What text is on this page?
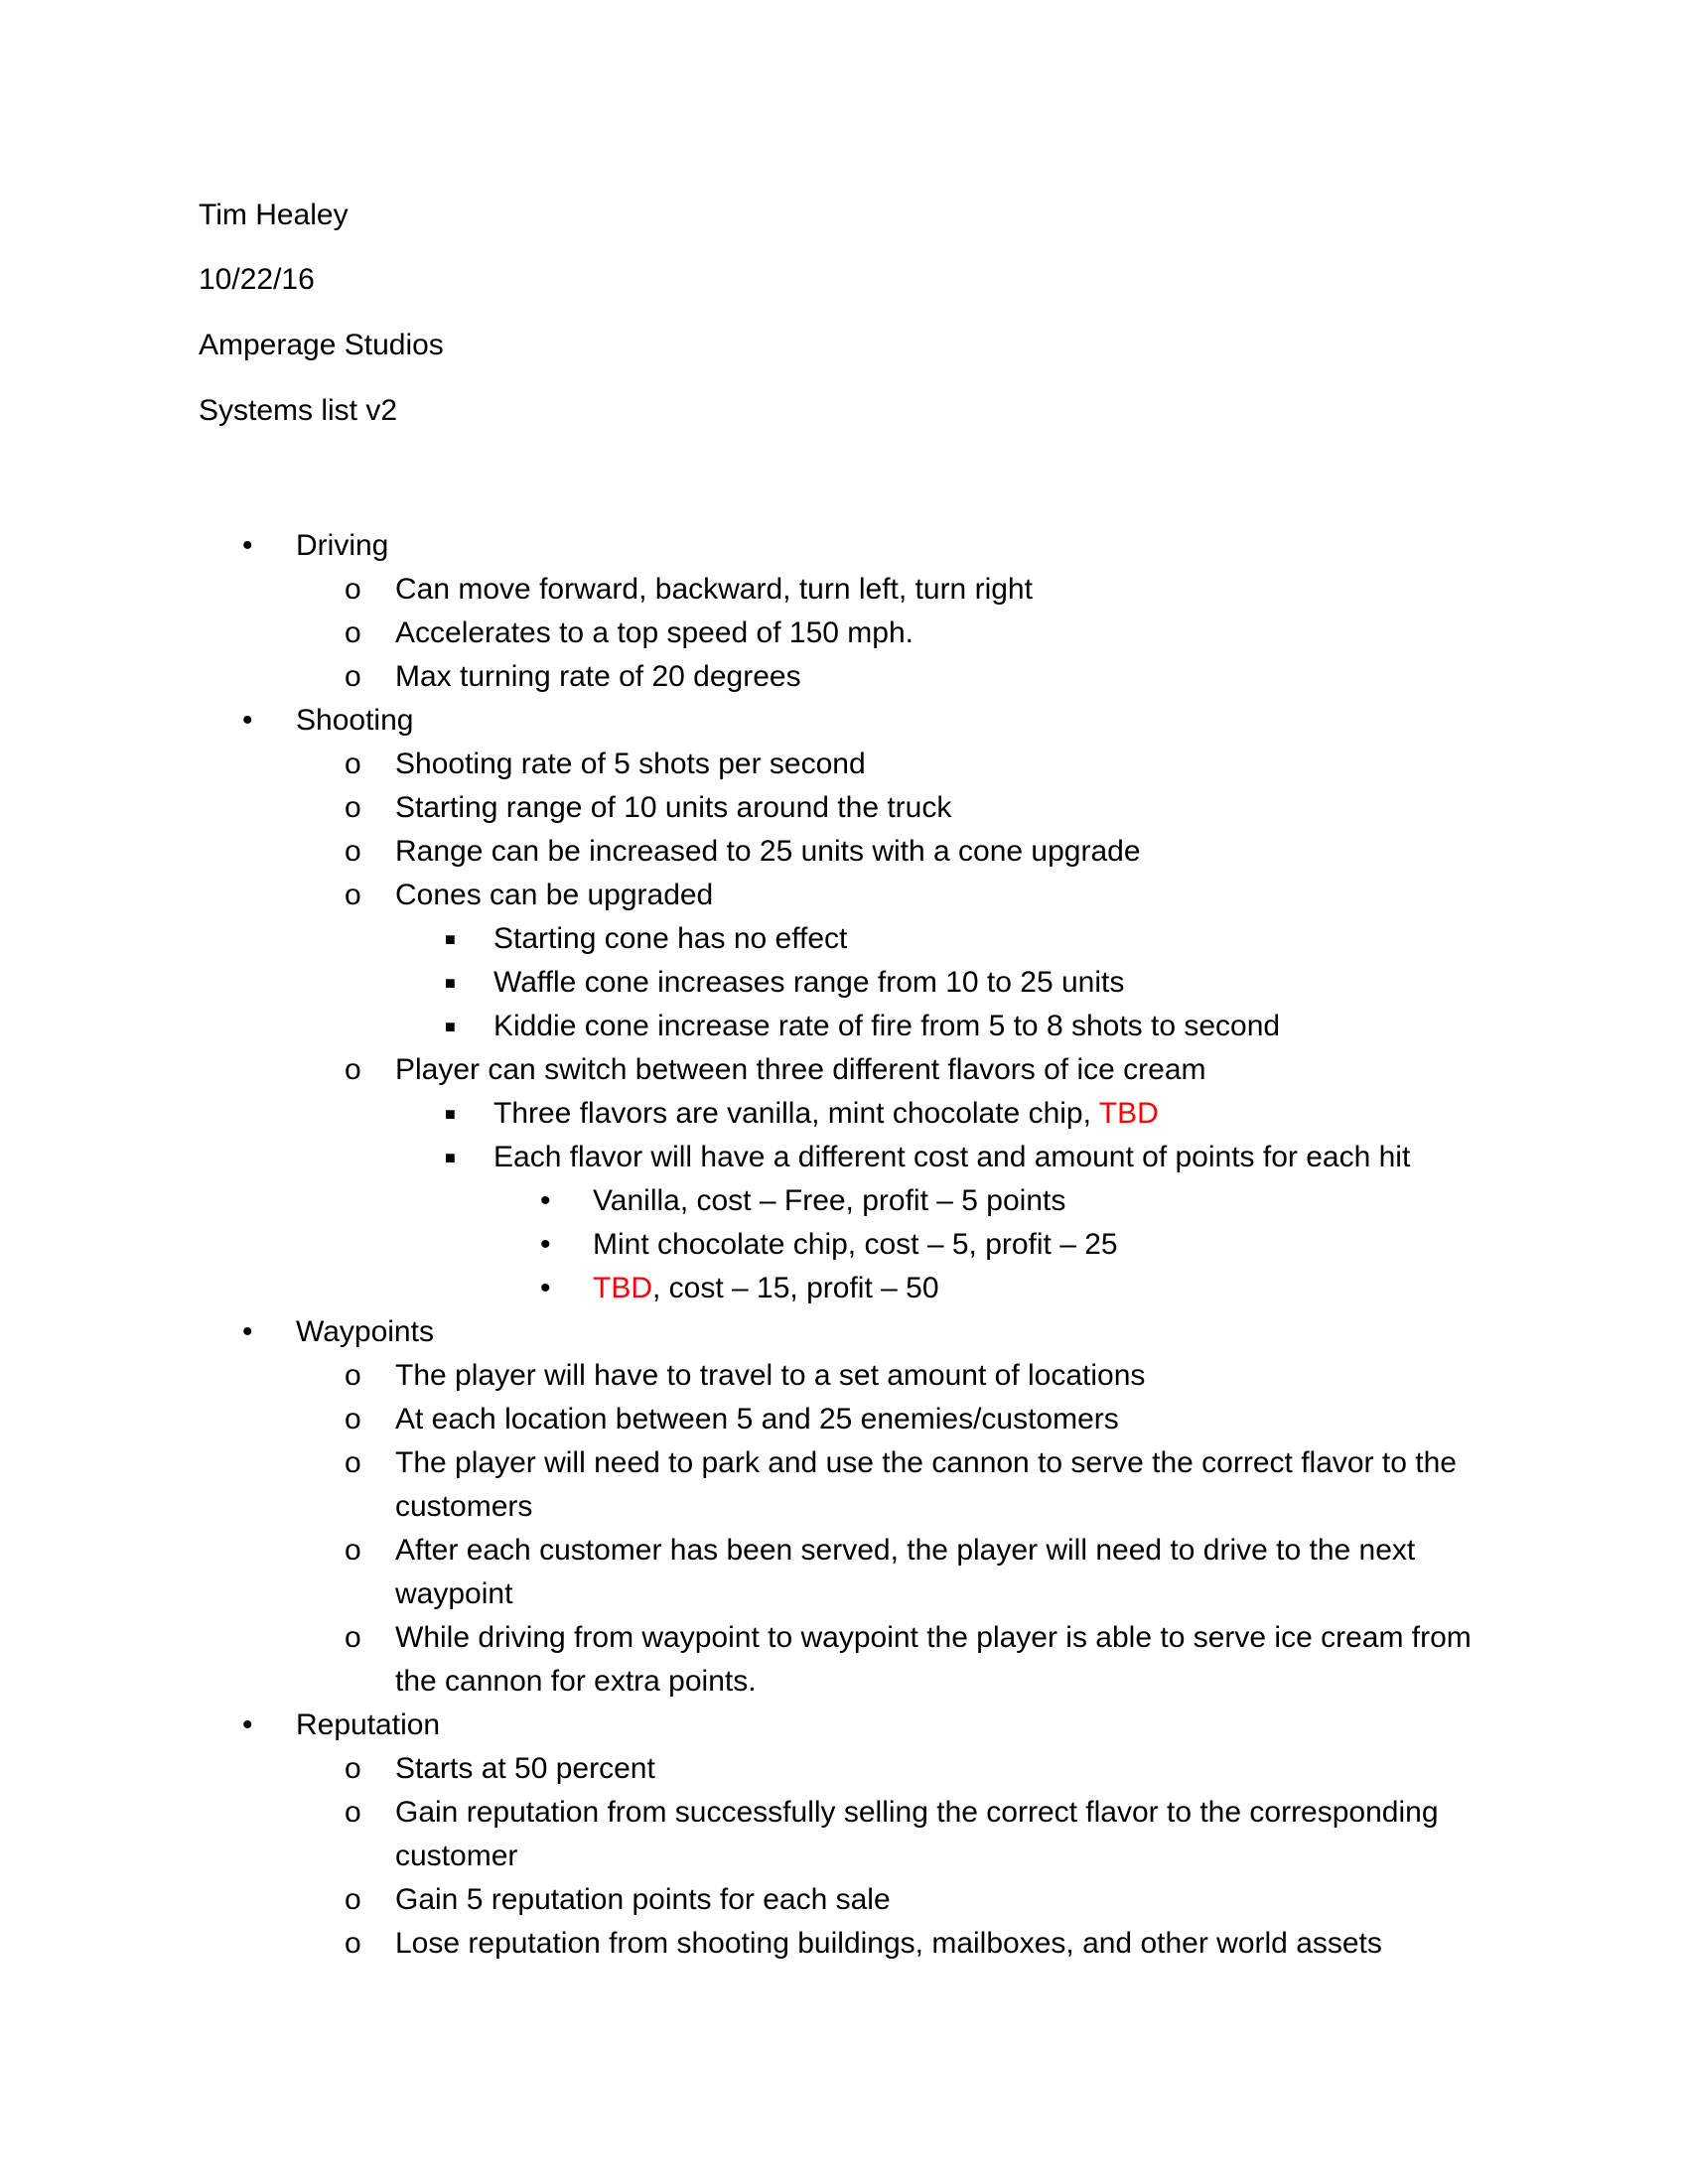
Tim Healey

10/22/16

Amperage Studios

Systems list v2

• Driving
o Can move forward, backward, turn left, turn right
o Accelerates to a top speed of 150 mph.
o Max turning rate of 20 degrees
• Shooting
o Shooting rate of 5 shots per second
o Starting range of 10 units around the truck
o Range can be increased to 25 units with a cone upgrade
o Cones can be upgraded
■ Starting cone has no effect
■ Waffle cone increases range from 10 to 25 units
■ Kiddie cone increase rate of fire from 5 to 8 shots to second
o Player can switch between three different flavors of ice cream
■ Three flavors are vanilla, mint chocolate chip, TBD
■ Each flavor will have a different cost and amount of points for each hit
• Vanilla, cost – Free, profit – 5 points
• Mint chocolate chip, cost – 5, profit – 25
• TBD, cost – 15, profit – 50
• Waypoints
o The player will have to travel to a set amount of locations
o At each location between 5 and 25 enemies/customers
o The player will need to park and use the cannon to serve the correct flavor to the customers
o After each customer has been served, the player will need to drive to the next waypoint
o While driving from waypoint to waypoint the player is able to serve ice cream from the cannon for extra points.
• Reputation
o Starts at 50 percent
o Gain reputation from successfully selling the correct flavor to the corresponding customer
o Gain 5 reputation points for each sale
o Lose reputation from shooting buildings, mailboxes, and other world assets
